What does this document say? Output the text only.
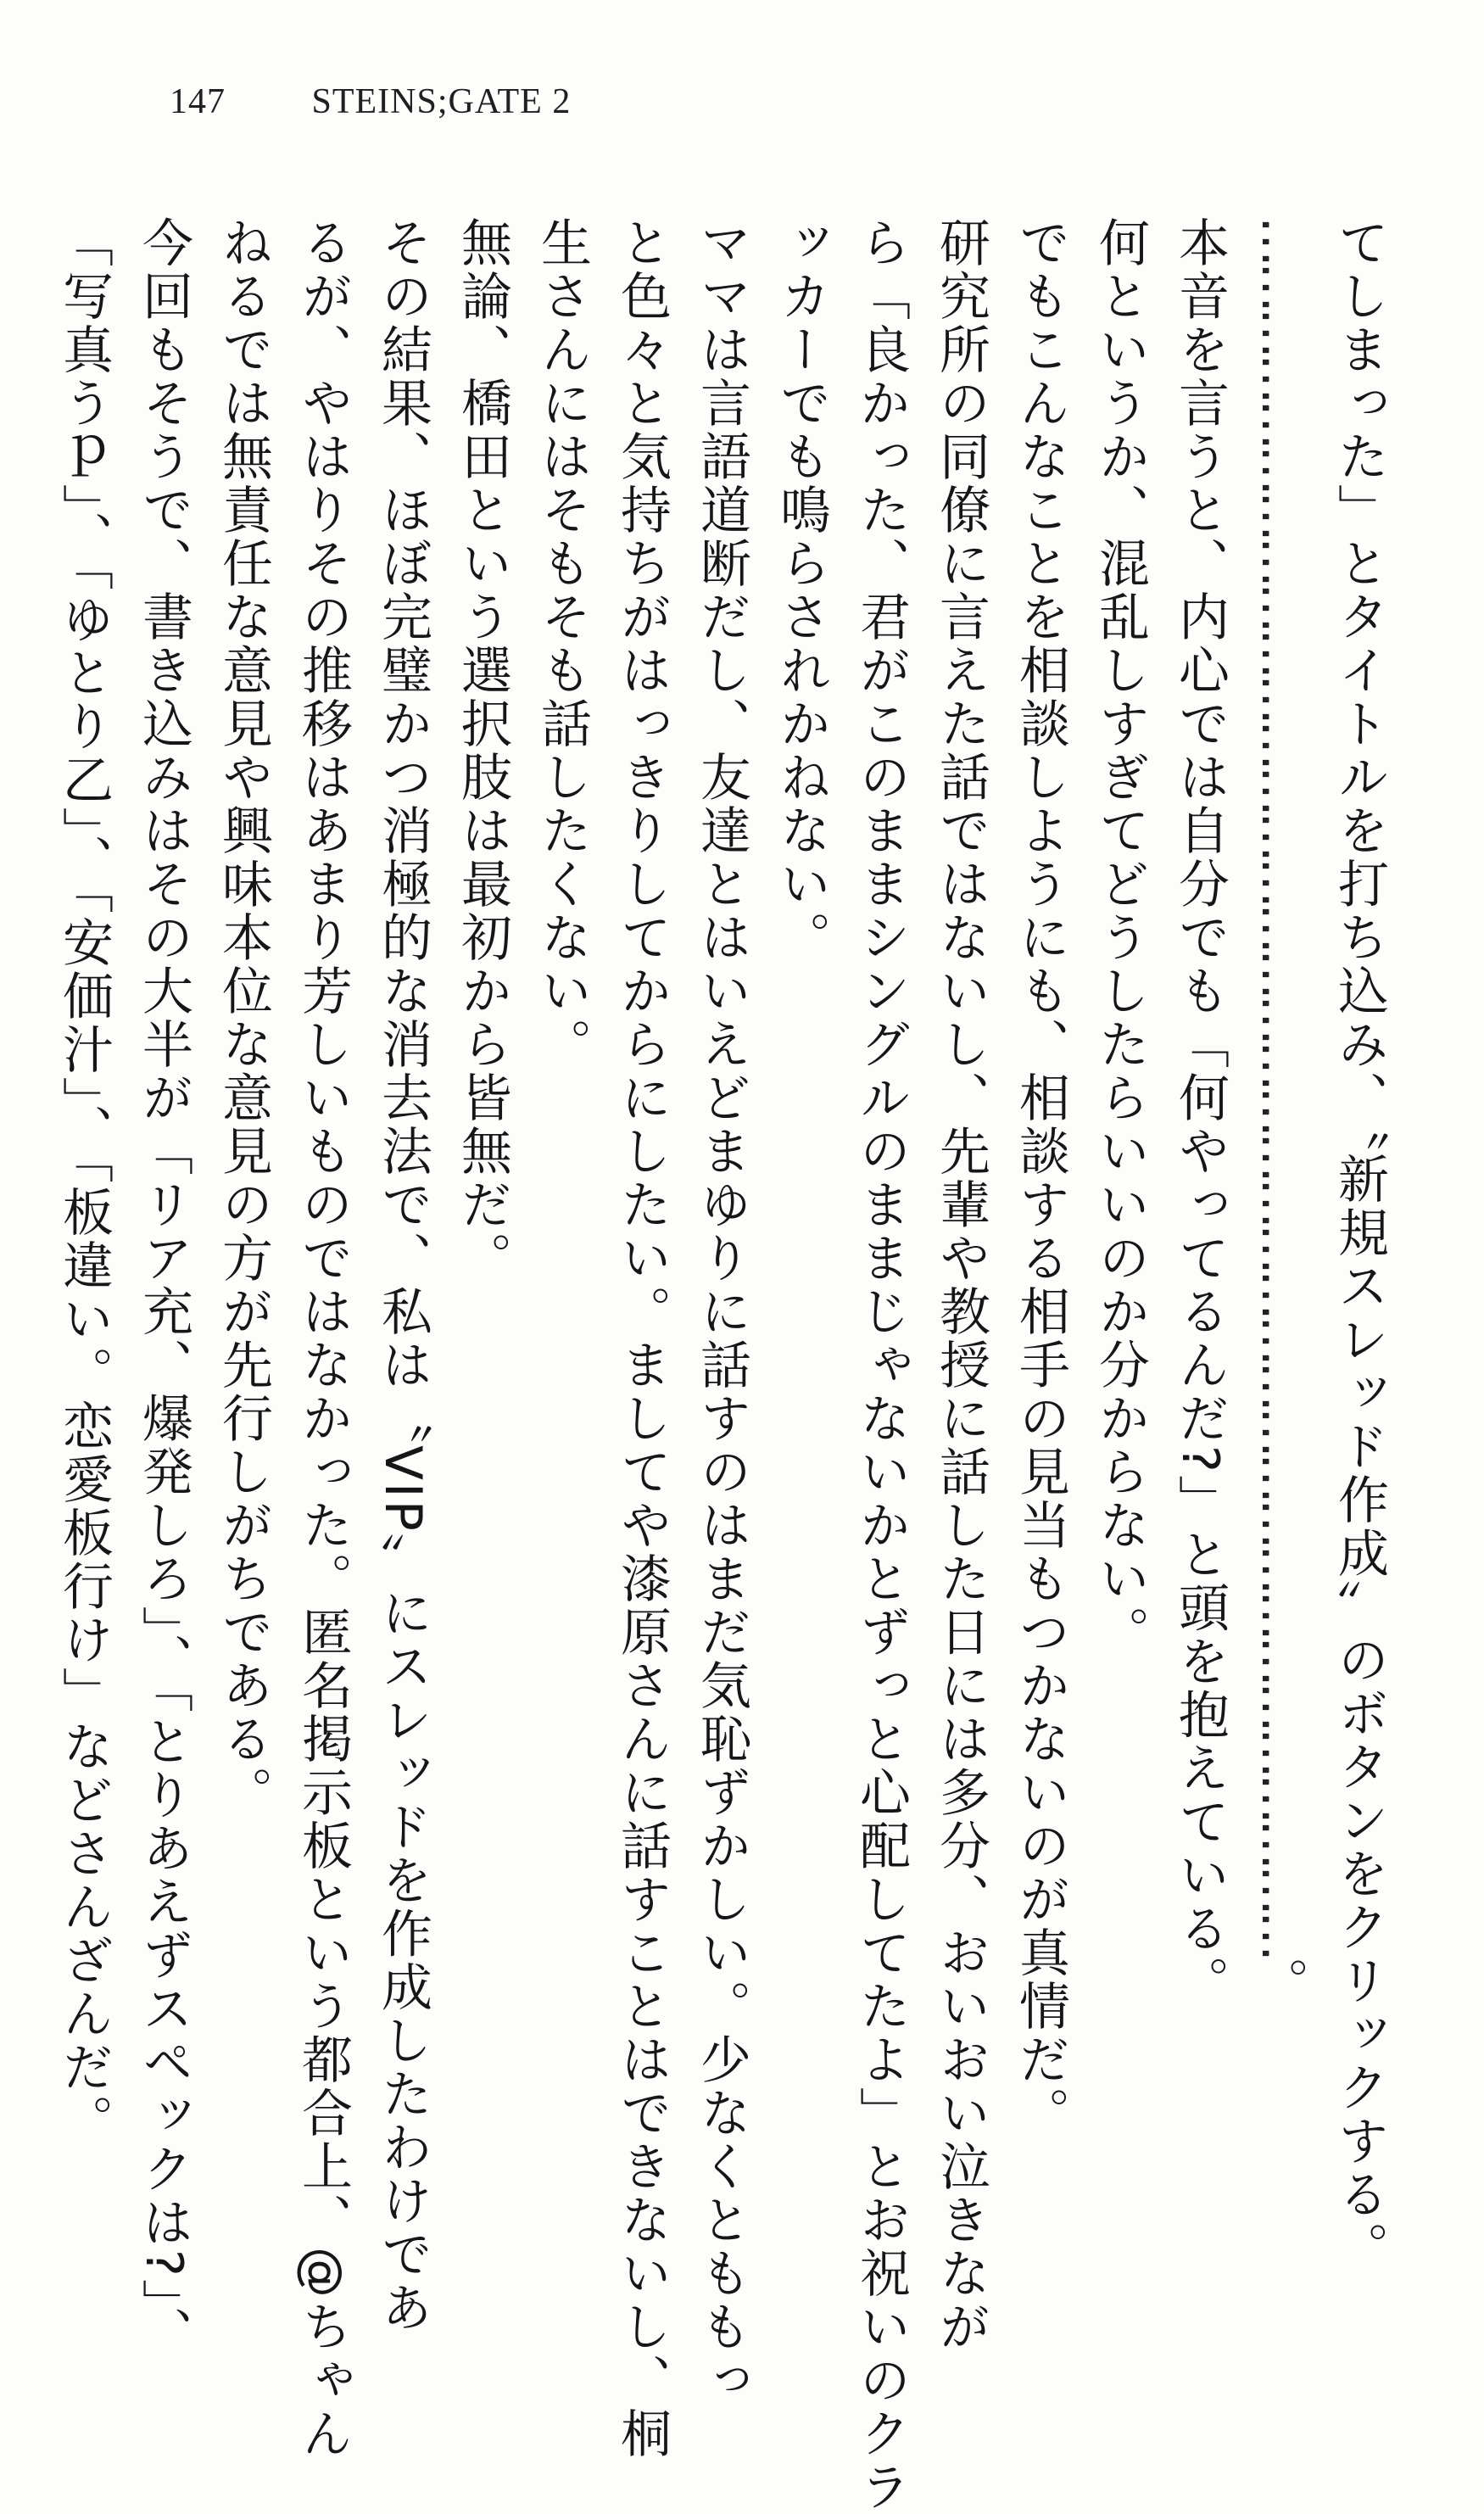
147 STEINS;GATE 2
てしまった」とタイトルを打ち込み、〝新規スレッド作成〟のボタンをクリックする。
……………………………………………………………………………………………………。
本音を言うと、内心では自分でも「何やってるんだ?」と頭を抱えている。
何というか、混乱しすぎてどうしたらいいのか分からない。
でもこんなことを相談しようにも、相談する相手の見当もつかないのが真情だ。
研究所の同僚に言えた話ではないし、先輩や教授に話した日には多分、おいおい泣きなが
ら「良かった、君がこのままシングルのままじゃないかとずっと心配してたよ」とお祝いのクラ
ッカーでも鳴らされかねない。
ママは言語道断だし、友達とはいえどまゆりに話すのはまだ気恥ずかしい。少なくとももっ
と色々と気持ちがはっきりしてからにしたい。ましてや漆原さんに話すことはできないし、桐
生さんにはそもそも話したくない。
無論、橋田という選択肢は最初から皆無だ。
その結果、ほぼ完璧かつ消極的な消去法で、私は〝VIP〟にスレッドを作成したわけであ
るが、やはりその推移はあまり芳しいものではなかった。匿名掲示板という都合上、@ちゃん
ねるでは無責任な意見や興味本位な意見の方が先行しがちである。
今回もそうで、書き込みはその大半が「リア充、爆発しろ」、「とりあえずスペックは?」、
「写真うｐ」、「ゆとり乙」、「安価汁」、「板違い。恋愛板行け」などさんざんだ。
